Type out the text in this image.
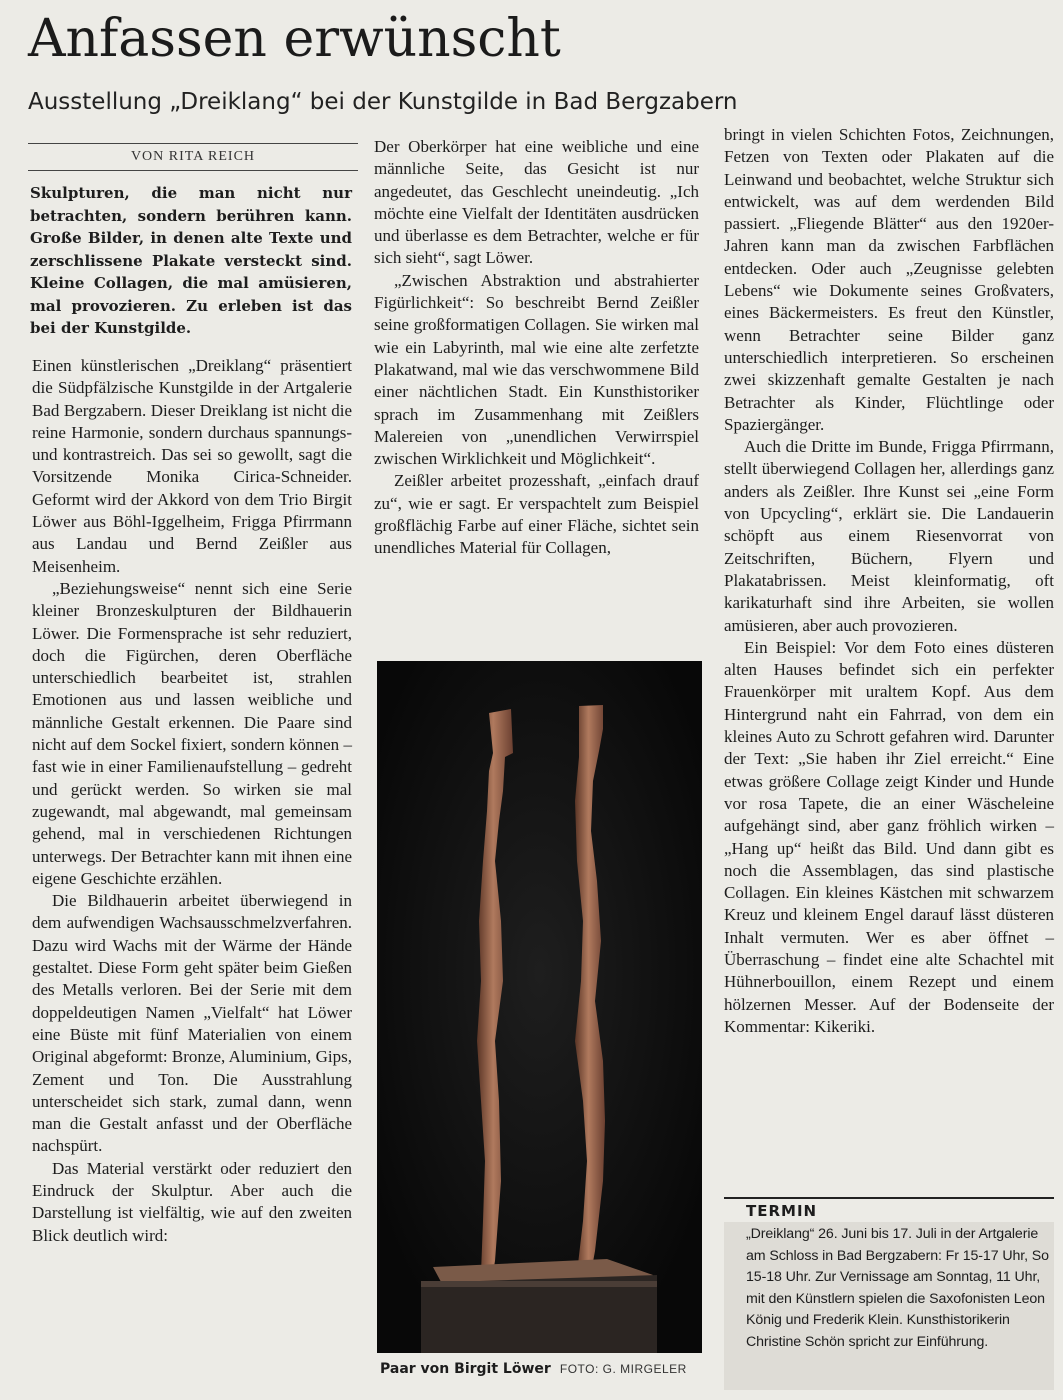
Anfassen erwünscht
Ausstellung „Dreiklang“ bei der Kunstgilde in Bad Bergzabern
VON RITA REICH
Skulpturen, die man nicht nur betrachten, sondern berühren kann. Große Bilder, in denen alte Texte und zerschlissene Plakate versteckt sind. Kleine Collagen, die mal amüsieren, mal provozieren. Zu erleben ist das bei der Kunstgilde.

Einen künstlerischen „Dreiklang“ präsentiert die Südpfälzische Kunstgilde in der Artgalerie Bad Bergzabern. Dieser Dreiklang ist nicht die reine Harmonie, sondern durchaus spannungs- und kontrastreich. Das sei so gewollt, sagt die Vorsitzende Monika Cirica-Schneider. Geformt wird der Akkord von dem Trio Birgit Löwer aus Böhl-Iggelheim, Frigga Pfirrmann aus Landau und Bernd Zeißler aus Meisenheim.

„Beziehungsweise“ nennt sich eine Serie kleiner Bronzeskulpturen der Bildhauerin Löwer. Die Formensprache ist sehr reduziert, doch die Figürchen, deren Oberfläche unterschiedlich bearbeitet ist, strahlen Emotionen aus und lassen weibliche und männliche Gestalt erkennen. Die Paare sind nicht auf dem Sockel fixiert, sondern können – fast wie in einer Familienaufstellung – gedreht und gerückt werden. So wirken sie mal zugewandt, mal abgewandt, mal gemeinsam gehend, mal in verschiedenen Richtungen unterwegs. Der Betrachter kann mit ihnen eine eigene Geschichte erzählen.

Die Bildhauerin arbeitet überwiegend in dem aufwendigen Wachsausschmelzverfahren. Dazu wird Wachs mit der Wärme der Hände gestaltet. Diese Form geht später beim Gießen des Metalls verloren. Bei der Serie mit dem doppeldeutigen Namen „Vielfalt“ hat Löwer eine Büste mit fünf Materialien von einem Original abgeformt: Bronze, Aluminium, Gips, Zement und Ton. Die Ausstrahlung unterscheidet sich stark, zumal dann, wenn man die Gestalt anfasst und der Oberfläche nachspürt.

Das Material verstärkt oder reduziert den Eindruck der Skulptur. Aber auch die Darstellung ist vielfältig, wie auf den zweiten Blick deutlich wird:

Der Oberkörper hat eine weibliche und eine männliche Seite, das Gesicht ist nur angedeutet, das Geschlecht uneindeutig. „Ich möchte eine Vielfalt der Identitäten ausdrücken und überlasse es dem Betrachter, welche er für sich sieht“, sagt Löwer.

„Zwischen Abstraktion und abstrahierter Figürlichkeit“: So beschreibt Bernd Zeißler seine großformatigen Collagen. Sie wirken mal wie ein Labyrinth, mal wie eine alte zerfetzte Plakatwand, mal wie das verschwommene Bild einer nächtlichen Stadt. Ein Kunsthistoriker sprach im Zusammenhang mit Zeißlers Malereien von „unendlichen Verwirrspiel zwischen Wirklichkeit und Möglichkeit“.

Zeißler arbeitet prozesshaft, „einfach drauf zu“, wie er sagt. Er verspachtelt zum Beispiel großflächig Farbe auf einer Fläche, sichtet sein unendliches Material für Collagen,

bringt in vielen Schichten Fotos, Zeichnungen, Fetzen von Texten oder Plakaten auf die Leinwand und beobachtet, welche Struktur sich entwickelt, was auf dem werdenden Bild passiert. „Fliegende Blätter“ aus den 1920er-Jahren kann man da zwischen Farbflächen entdecken. Oder auch „Zeugnisse gelebten Lebens“ wie Dokumente seines Großvaters, eines Bäckermeisters. Es freut den Künstler, wenn Betrachter seine Bilder ganz unterschiedlich interpretieren. So erscheinen zwei skizzenhaft gemalte Gestalten je nach Betrachter als Kinder, Flüchtlinge oder Spaziergänger.

Auch die Dritte im Bunde, Frigga Pfirrmann, stellt überwiegend Collagen her, allerdings ganz anders als Zeißler. Ihre Kunst sei „eine Form von Upcycling“, erklärt sie. Die Landauerin schöpft aus einem Riesenvorrat von Zeitschriften, Büchern, Flyern und Plakatabrissen. Meist kleinformatig, oft karikaturhaft sind ihre Arbeiten, sie wollen amüsieren, aber auch provozieren.

Ein Beispiel: Vor dem Foto eines düsteren alten Hauses befindet sich ein perfekter Frauenkörper mit uraltem Kopf. Aus dem Hintergrund naht ein Fahrrad, von dem ein kleines Auto zu Schrott gefahren wird. Darunter der Text: „Sie haben ihr Ziel erreicht.“ Eine etwas größere Collage zeigt Kinder und Hunde vor rosa Tapete, die an einer Wäscheleine aufgehängt sind, aber ganz fröhlich wirken – „Hang up“ heißt das Bild. Und dann gibt es noch die Assemblagen, das sind plastische Collagen. Ein kleines Kästchen mit schwarzem Kreuz und kleinem Engel darauf lässt düsteren Inhalt vermuten. Wer es aber öffnet – Überraschung – findet eine alte Schachtel mit Hühnerbouillon, einem Rezept und einem hölzernen Messer. Auf der Bodenseite der Kommentar: Kikeriki.

Paar von Birgit Löwer FOTO: G. MIRGELER
TERMIN
„Dreiklang“ 26. Juni bis 17. Juli in der Artgalerie am Schloss in Bad Bergzabern: Fr 15-17 Uhr, So 15-18 Uhr. Zur Vernissage am Sonntag, 11 Uhr, mit den Künstlern spielen die Saxofonisten Leon König und Frederik Klein. Kunsthistorikerin Christine Schön spricht zur Einführung.
